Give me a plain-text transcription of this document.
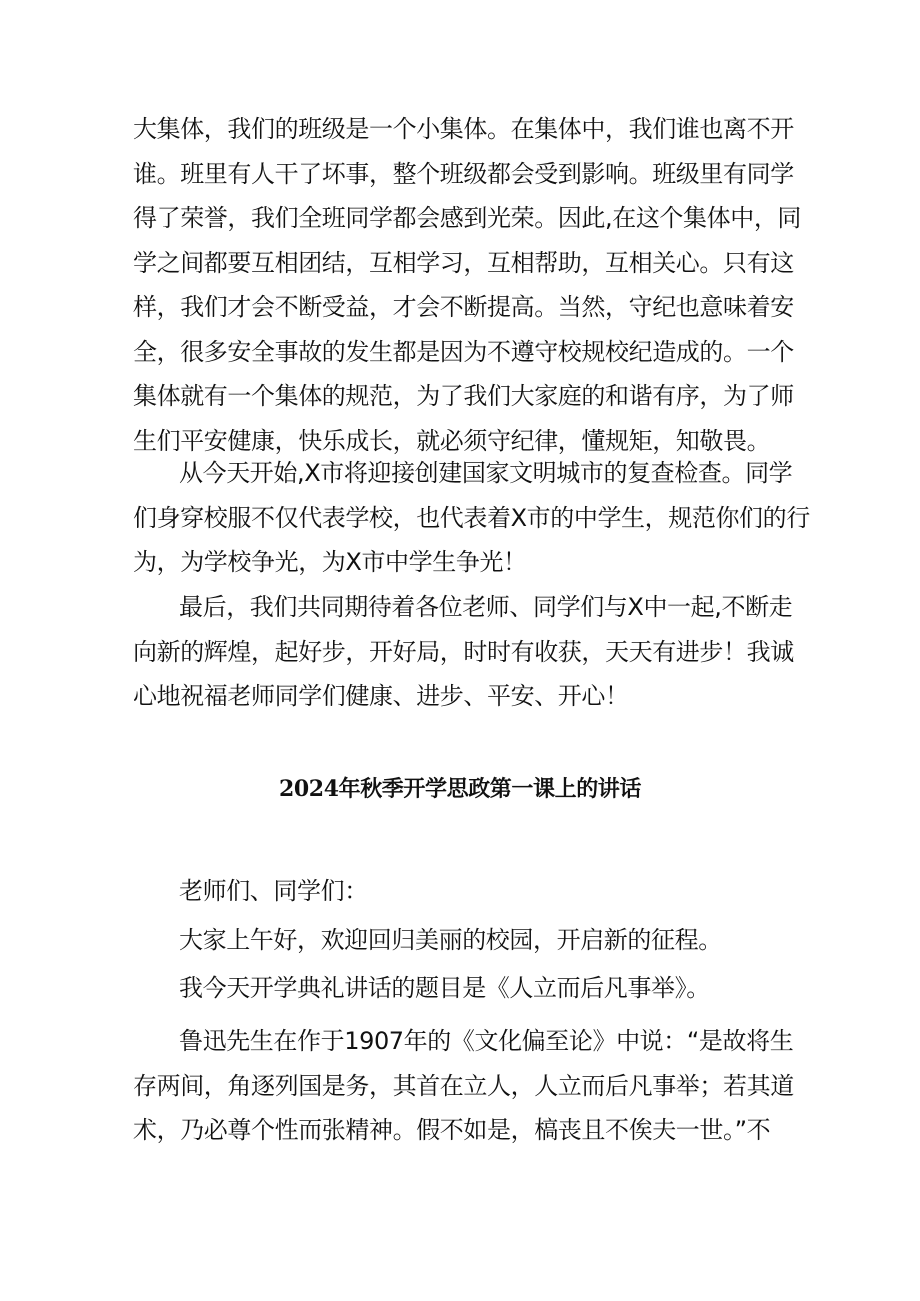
大集体，我们的班级是一个小集体。在集体中，我们谁也离不开
谁。班里有人干了坏事，整个班级都会受到影响。班级里有同学
得了荣誉，我们全班同学都会感到光荣。因此,在这个集体中，同
学之间都要互相团结，互相学习，互相帮助，互相关心。只有这
样，我们才会不断受益，才会不断提高。当然，守纪也意味着安
全，很多安全事故的发生都是因为不遵守校规校纪造成的。一个
集体就有一个集体的规范，为了我们大家庭的和谐有序，为了师
生们平安健康，快乐成长，就必须守纪律，懂规矩，知敬畏。
从今天开始,X市将迎接创建国家文明城市的复查检查。同学
们身穿校服不仅代表学校，也代表着X市的中学生，规范你们的行
为，为学校争光，为X市中学生争光！
最后，我们共同期待着各位老师、同学们与X中一起,不断走
向新的辉煌，起好步，开好局，时时有收获，天天有进步！我诚
心地祝福老师同学们健康、进步、平安、开心！
2024年秋季开学思政第一课上的讲话

老师们、同学们：

大家上午好，欢迎回归美丽的校园，开启新的征程。

我今天开学典礼讲话的题目是《人立而后凡事举》。

鲁迅先生在作于1907年的《文化偏至论》中说：“是故将生
存两间，角逐列国是务，其首在立人，人立而后凡事举；若其道
术，乃必尊个性而张精神。假不如是，槁丧且不俟夫一世。”不
